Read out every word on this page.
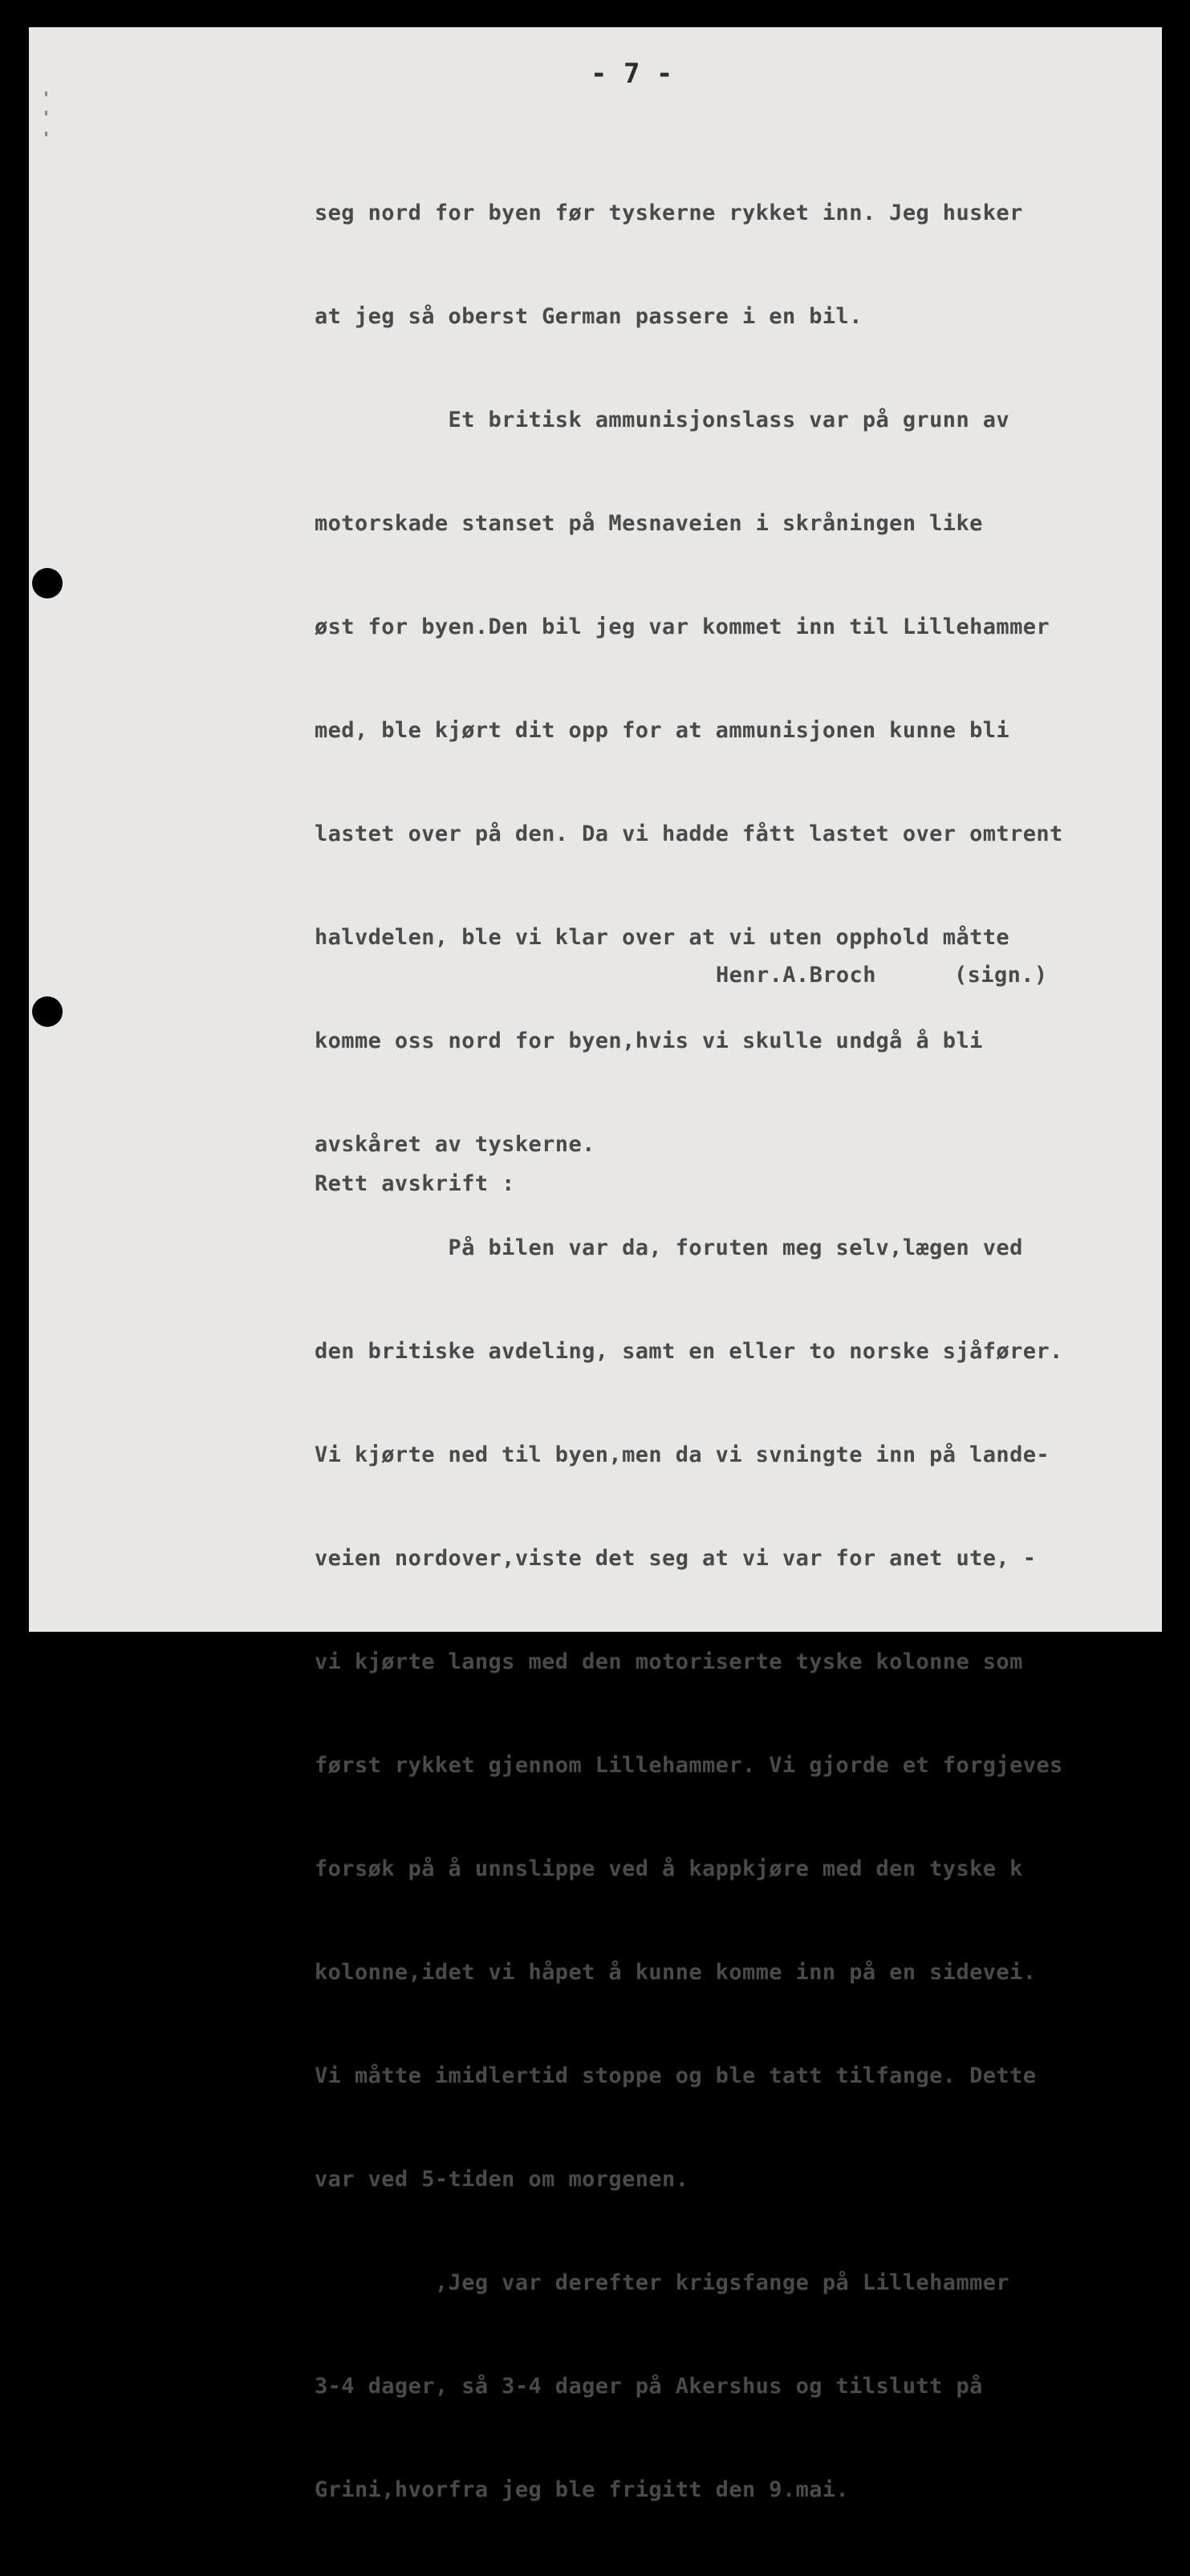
- 7 -

seg nord for byen før tyskerne rykket inn. Jeg husker

at jeg så oberst German passere i en bil.

Et britisk ammunisjonslass var på grunn av

motorskade stanset på Mesnaveien i skråningen like

øst for byen.Den bil jeg var kommet inn til Lillehammer

med, ble kjørt dit opp for at ammunisjonen kunne bli

lastet over på den. Da vi hadde fått lastet over omtrent

halvdelen, ble vi klar over at vi uten opphold måtte

komme oss nord for byen,hvis vi skulle undgå å bli

avskåret av tyskerne.

På bilen var da, foruten meg selv,lægen ved

den britiske avdeling, samt en eller to norske sjåfører.

Vi kjørte ned til byen,men da vi svningte inn på lande-

veien nordover,viste det seg at vi var for anet ute, -

vi kjørte langs med den motoriserte tyske kolonne som

først rykket gjennom Lillehammer. Vi gjorde et forgjeves

forsøk på å unnslippe ved å kappkjøre med den tyske k

kolonne,idet vi håpet å kunne komme inn på en sidevei.

Vi måtte imidlertid stoppe og ble tatt tilfange. Dette

var ved 5-tiden om morgenen.

,Jeg var derefter krigsfange på Lillehammer

3-4 dager, så 3-4 dager på Akershus og tilslutt på

Grini,hvorfra jeg ble frigitt den 9.mai.

Henr.A.Broch	(sign.)
Rett avskrift :
